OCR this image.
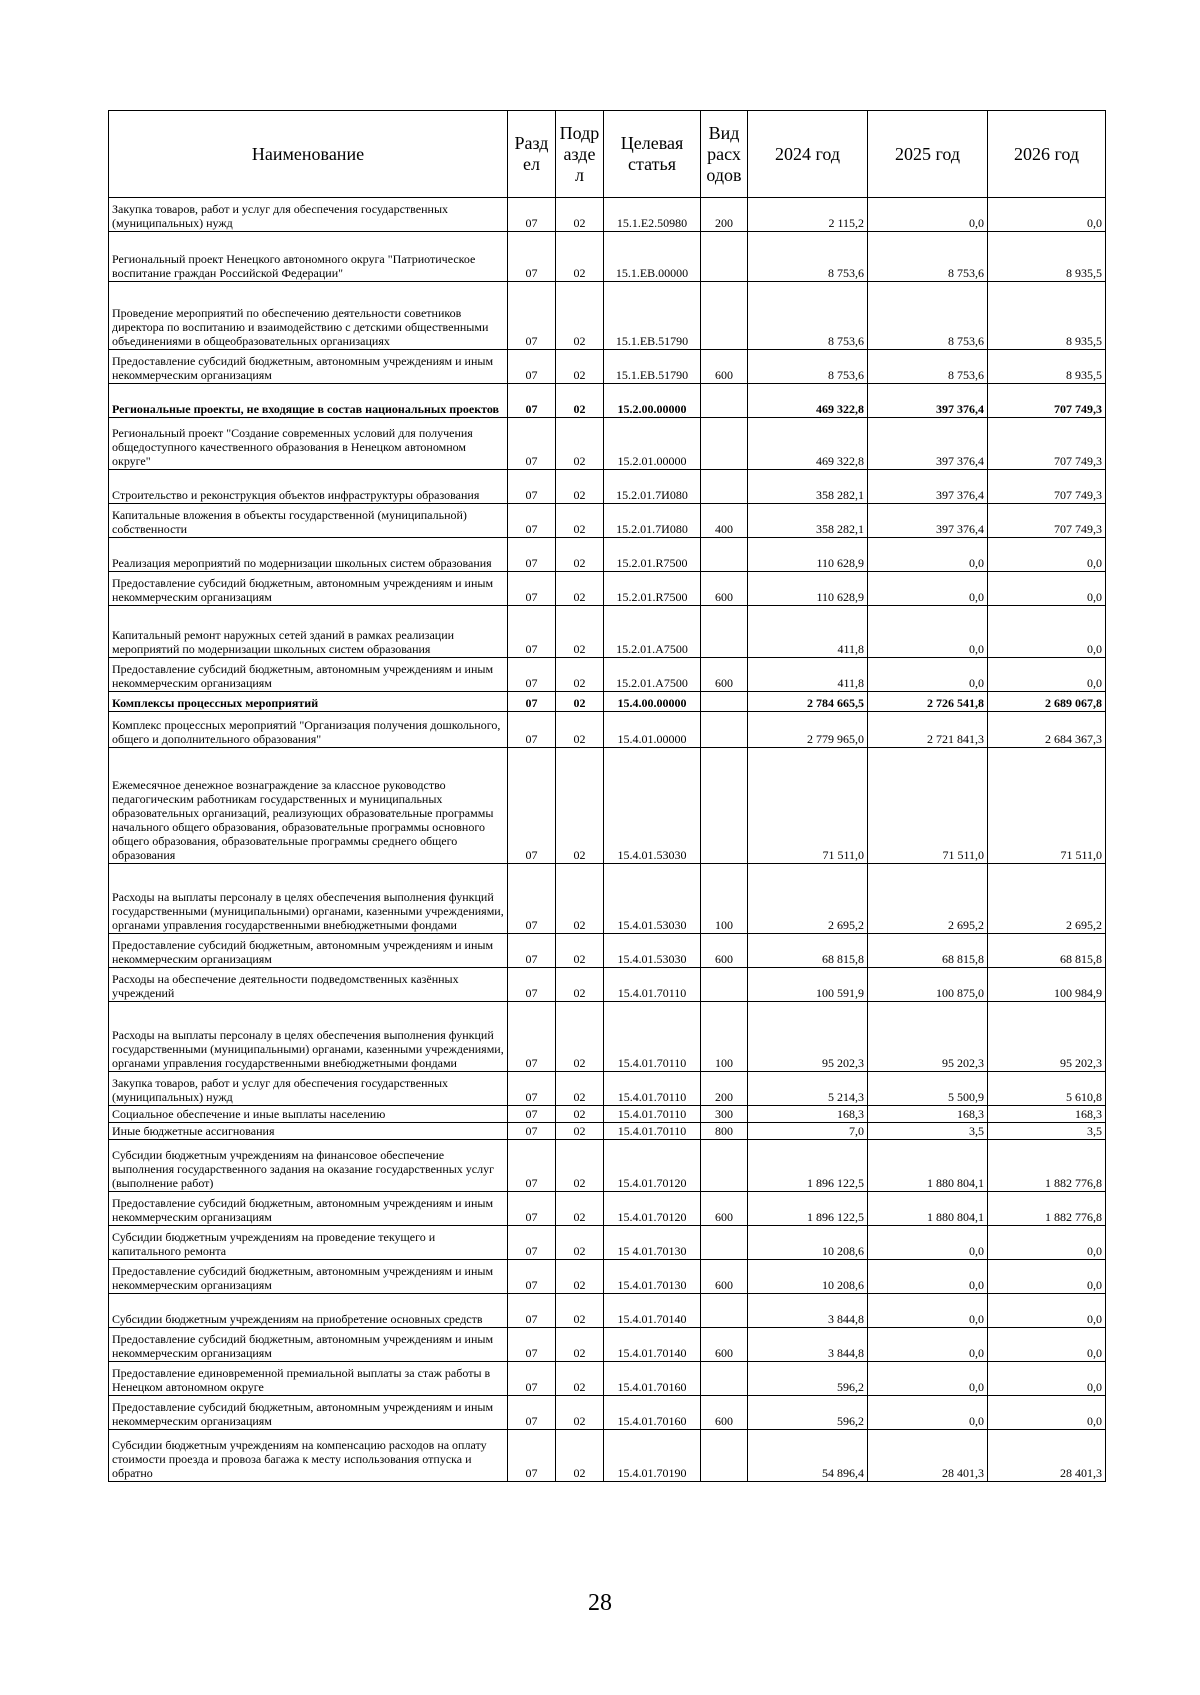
Наименование	Разд ел	Подр азде л	Целевая статья	Вид расх одов	2024 год	2025 год	2026 год
Закупка товаров, работ и услуг для обеспечения государственных (муниципальных) нужд	07	02	15.1.Е2.50980	200	2 115,2	0,0	0,0
Региональный проект Ненецкого автономного округа "Патриотическое воспитание граждан Российской Федерации"	07	02	15.1.ЕВ.00000		8 753,6	8 753,6	8 935,5
Проведение мероприятий по обеспечению деятельности советников директора по воспитанию и взаимодействию с детскими общественными объединениями в общеобразовательных организациях	07	02	15.1.ЕВ.51790		8 753,6	8 753,6	8 935,5
Предоставление субсидий бюджетным, автономным учреждениям и иным некоммерческим организациям	07	02	15.1.ЕВ.51790	600	8 753,6	8 753,6	8 935,5
Региональные проекты, не входящие в состав национальных проектов	07	02	15.2.00.00000		469 322,8	397 376,4	707 749,3
Региональный проект "Создание современных условий для получения общедоступного качественного образования в Ненецком автономном округе"	07	02	15.2.01.00000		469 322,8	397 376,4	707 749,3
Строительство и реконструкция объектов инфраструктуры образования	07	02	15.2.01.7И080		358 282,1	397 376,4	707 749,3
Капитальные вложения в объекты государственной (муниципальной) собственности	07	02	15.2.01.7И080	400	358 282,1	397 376,4	707 749,3
Реализация мероприятий по модернизации школьных систем образования	07	02	15.2.01.R7500		110 628,9	0,0	0,0
Предоставление субсидий бюджетным, автономным учреждениям и иным некоммерческим организациям	07	02	15.2.01.R7500	600	110 628,9	0,0	0,0
Капитальный ремонт наружных сетей зданий в рамках реализации мероприятий по модернизации школьных систем образования	07	02	15.2.01.А7500		411,8	0,0	0,0
Предоставление субсидий бюджетным, автономным учреждениям и иным некоммерческим организациям	07	02	15.2.01.А7500	600	411,8	0,0	0,0
Комплексы процессных мероприятий	07	02	15.4.00.00000		2 784 665,5	2 726 541,8	2 689 067,8
Комплекс процессных мероприятий "Организация получения дошкольного, общего и дополнительного образования"	07	02	15.4.01.00000		2 779 965,0	2 721 841,3	2 684 367,3
Ежемесячное денежное вознаграждение за классное руководство педагогическим работникам государственных и муниципальных образовательных организаций, реализующих образовательные программы начального общего образования, образовательные программы основного общего образования, образовательные программы среднего общего образования	07	02	15.4.01.53030		71 511,0	71 511,0	71 511,0
Расходы на выплаты персоналу в целях обеспечения выполнения функций государственными (муниципальными) органами, казенными учреждениями, органами управления государственными внебюджетными фондами	07	02	15.4.01.53030	100	2 695,2	2 695,2	2 695,2
Предоставление субсидий бюджетным, автономным учреждениям и иным некоммерческим организациям	07	02	15.4.01.53030	600	68 815,8	68 815,8	68 815,8
Расходы на обеспечение деятельности подведомственных казённых учреждений	07	02	15.4.01.70110		100 591,9	100 875,0	100 984,9
Расходы на выплаты персоналу в целях обеспечения выполнения функций государственными (муниципальными) органами, казенными учреждениями, органами управления государственными внебюджетными фондами	07	02	15.4.01.70110	100	95 202,3	95 202,3	95 202,3
Закупка товаров, работ и услуг для обеспечения государственных (муниципальных) нужд	07	02	15.4.01.70110	200	5 214,3	5 500,9	5 610,8
Социальное обеспечение и иные выплаты населению	07	02	15.4.01.70110	300	168,3	168,3	168,3
Иные бюджетные ассигнования	07	02	15.4.01.70110	800	7,0	3,5	3,5
Субсидии бюджетным учреждениям на финансовое обеспечение выполнения государственного задания на оказание государственных услуг (выполнение работ)	07	02	15.4.01.70120		1 896 122,5	1 880 804,1	1 882 776,8
Предоставление субсидий бюджетным, автономным учреждениям и иным некоммерческим организациям	07	02	15.4.01.70120	600	1 896 122,5	1 880 804,1	1 882 776,8
Субсидии бюджетным учреждениям на проведение текущего и капитального ремонта	07	02	15 4.01.70130		10 208,6	0,0	0,0
Предоставление субсидий бюджетным, автономным учреждениям и иным некоммерческим организациям	07	02	15.4.01.70130	600	10 208,6	0,0	0,0
Субсидии бюджетным учреждениям на приобретение основных средств	07	02	15.4.01.70140		3 844,8	0,0	0,0
Предоставление субсидий бюджетным, автономным учреждениям и иным некоммерческим организациям	07	02	15.4.01.70140	600	3 844,8	0,0	0,0
Предоставление единовременной премиальной выплаты за стаж работы в Ненецком автономном округе	07	02	15.4.01.70160		596,2	0,0	0,0
Предоставление субсидий бюджетным, автономным учреждениям и иным некоммерческим организациям	07	02	15.4.01.70160	600	596,2	0,0	0,0
Субсидии бюджетным учреждениям на компенсацию расходов на оплату стоимости проезда и провоза багажа к месту использования отпуска и обратно	07	02	15.4.01.70190		54 896,4	28 401,3	28 401,3
28
